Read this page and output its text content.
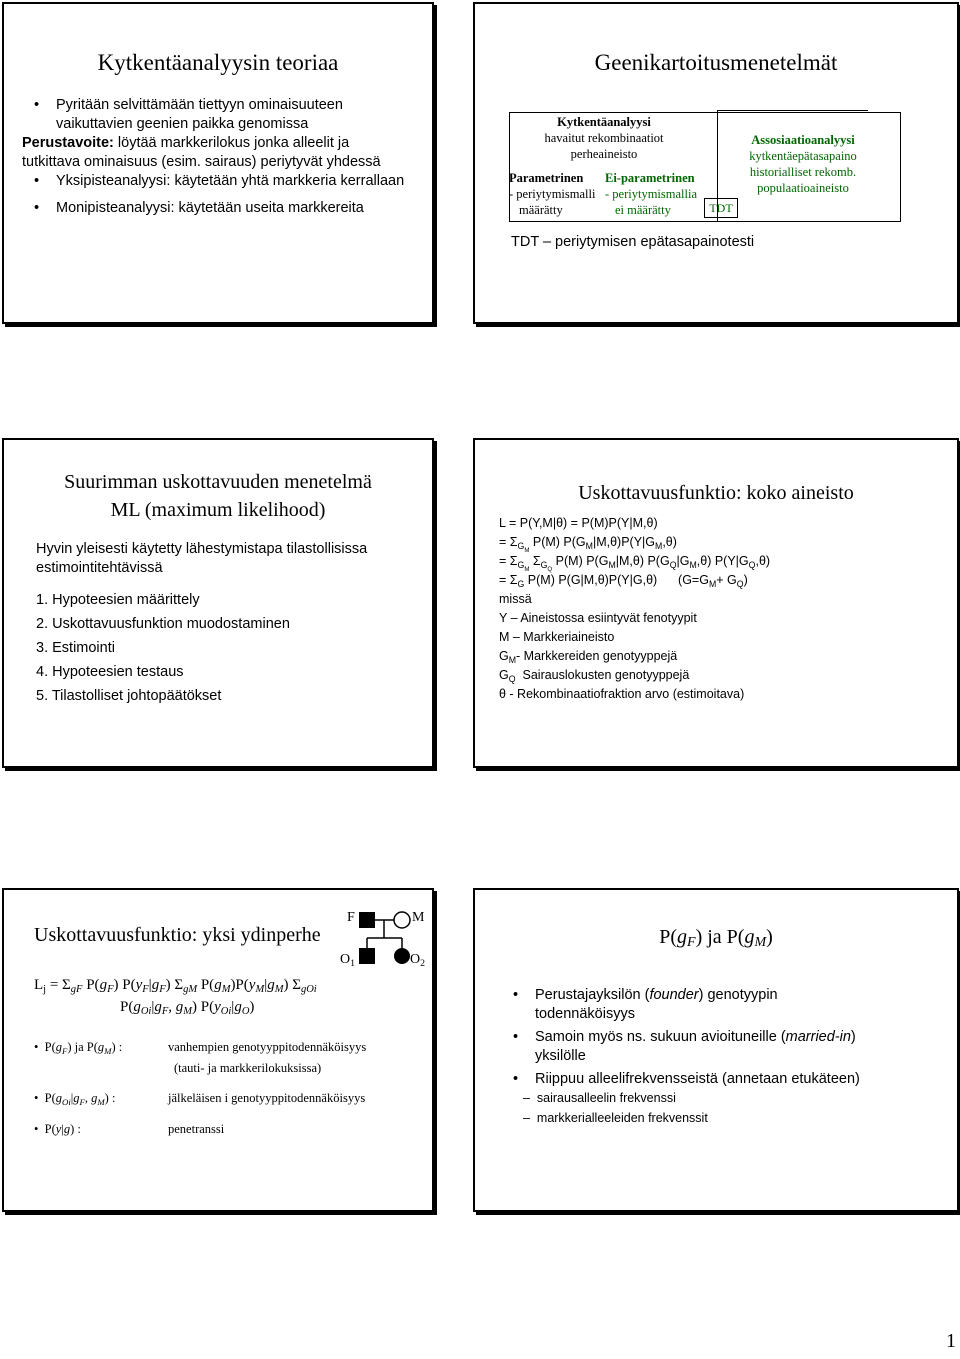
Kytkentäanalyysin teoriaa
• Pyritään selvittämään tiettyyn ominaisuuteen vaikuttavien geenien paikka genomissa
Perustavoite: löytää markkerilokus jonka alleelit ja tutkittava ominaisuus (esim. sairaus) periytyvät yhdessä
• Yksipisteanalyysi: käytetään yhtä markkeria kerrallaan
• Monipisteanalyysi: käytetään useita markkereita
Geenikartoitusmenetelmät
Kytkentäanalyysi
havaitut rekombinaatiot
perheaineisto
Parametrinen
- periytymismalli
määrätty
Ei-parametrinen
- periytymismallia
ei määrätty	TDT
Assosiaatioanalyysi
kytkentäepätasapaino
historialliset rekomb.
populaatioaineisto
TDT – periytymisen epätasapainotesti
Suurimman uskottavuuden menetelmä
ML (maximum likelihood)
Hyvin yleisesti käytetty lähestymistapa tilastollisissa estimointitehtävissä
1. Hypoteesien määrittely
2. Uskottavuusfunktion muodostaminen
3. Estimointi
4. Hypoteesien testaus
5. Tilastolliset johtopäätökset
Uskottavuusfunktio: koko aineisto
L = P(Y,M|θ) = P(M)P(Y|M,θ)
= $\Sigma_{G_M}$ P(M) $P(G_M|M,\theta)P(Y|G_M,\theta)$
= $\Sigma_{G_M}$ $\Sigma_{G_Q}$ P(M) $P(G_M|M,\theta)$ $P(G_Q|G_M,\theta)$ $P(Y|G_Q,\theta)$
= $\Sigma_G$ P(M) P(G|M,θ)P(Y|G,θ)      $(G=G_M+ G_Q)$
missä
Y – Aineistossa esiintyvät fenotyypit
M – Markkeriaineisto
$G_M-$ Markkereiden genotyyppejä
$G_Q$ Sairauslokusten genotyyppejä
θ - Rekombinaatiofraktion arvo (estimoitava)
Uskottavuusfunktio: yksi ydinperhe
F	M
$O_1$	$O_2$
$L_j = \Sigma_{gF}$ $P(g_F)$ $P(y_F|g_F)$ $\Sigma_{gM}$ $P(g_M)P(y_M|g_M)$ $\Sigma_{gOi}$
$P(g_{Oi}|g_F$, $g_M$) $P(y_{Oi}|g_O)$
•  $P(g_F)$ ja $P(g_M)$ :	vanhempien genotyyppitodennäköisyys
(tauti- ja markkerilokuksissa)
•  $P(g_{Oi}|g_F$, $g_M$) :	jälkeläisen i genotyyppitodennäköisyys
•  P(y|g) :	penetranssi
$P(g_F)$ ja $P(g_M)$
• Perustajayksilön (founder) genotyypin todennäköisyys
• Samoin myös ns. sukuun avioituneille (married-in) yksilölle
• Riippuu alleelifrekvensseistä (annetaan etukäteen)
–  sairausalleelin frekvenssi
–  markkerialleeleiden frekvenssit
1
